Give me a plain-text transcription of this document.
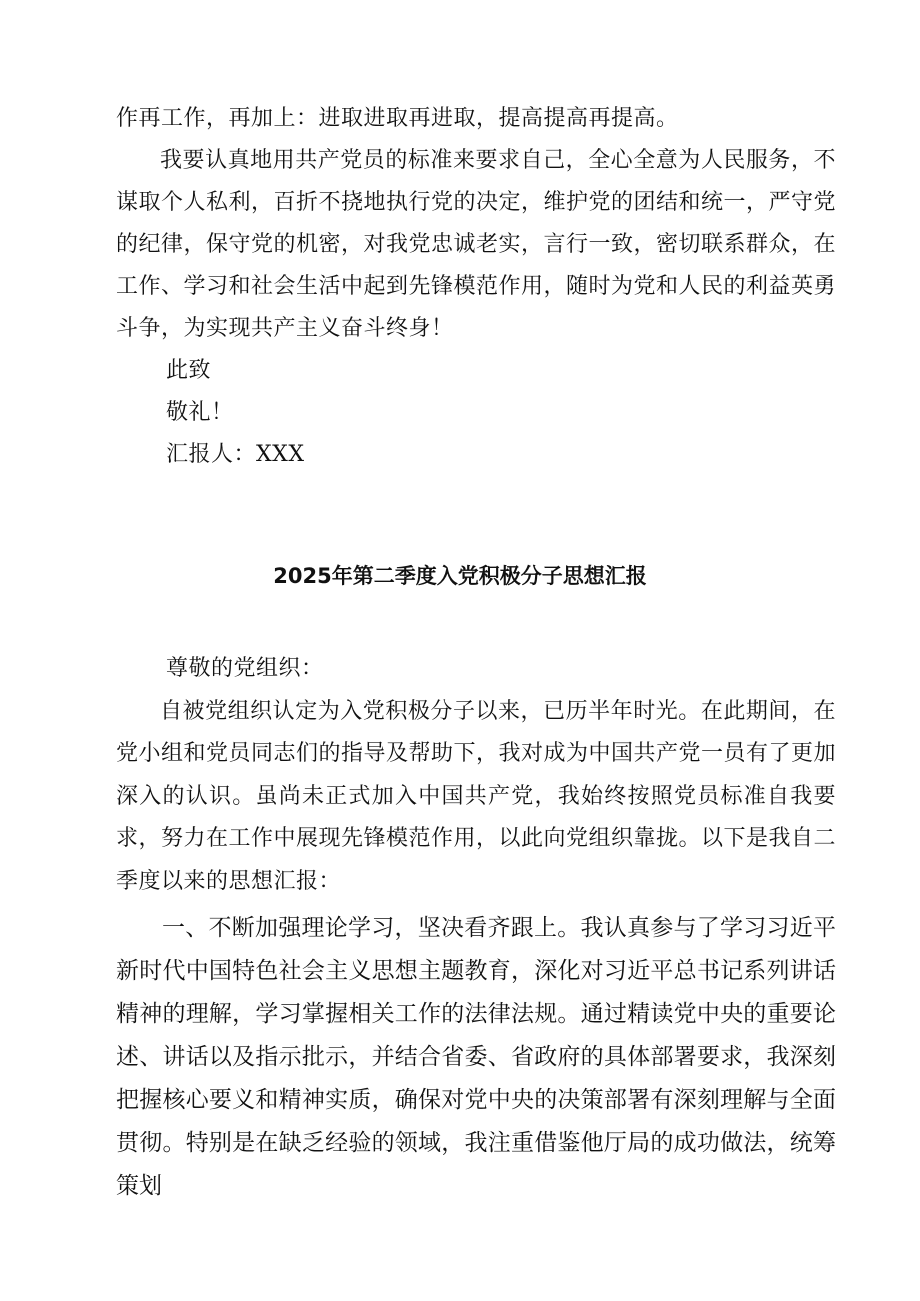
作再工作，再加上：进取进取再进取，提高提高再提高。

我要认真地用共产党员的标准来要求自己，全心全意为人民服务，不谋取个人私利，百折不挠地执行党的决定，维护党的团结和统一，严守党的纪律，保守党的机密，对我党忠诚老实，言行一致，密切联系群众，在工作、学习和社会生活中起到先锋模范作用，随时为党和人民的利益英勇斗争，为实现共产主义奋斗终身！

此致

敬礼！

汇报人：XXX

2025年第二季度入党积极分子思想汇报

尊敬的党组织：

自被党组织认定为入党积极分子以来，已历半年时光。在此期间，在党小组和党员同志们的指导及帮助下，我对成为中国共产党一员有了更加深入的认识。虽尚未正式加入中国共产党，我始终按照党员标准自我要求，努力在工作中展现先锋模范作用，以此向党组织靠拢。以下是我自二季度以来的思想汇报：

一、不断加强理论学习，坚决看齐跟上。我认真参与了学习习近平新时代中国特色社会主义思想主题教育，深化对习近平总书记系列讲话精神的理解，学习掌握相关工作的法律法规。通过精读党中央的重要论述、讲话以及指示批示，并结合省委、省政府的具体部署要求，我深刻把握核心要义和精神实质，确保对党中央的决策部署有深刻理解与全面贯彻。特别是在缺乏经验的领域，我注重借鉴他厅局的成功做法，统筹策划
